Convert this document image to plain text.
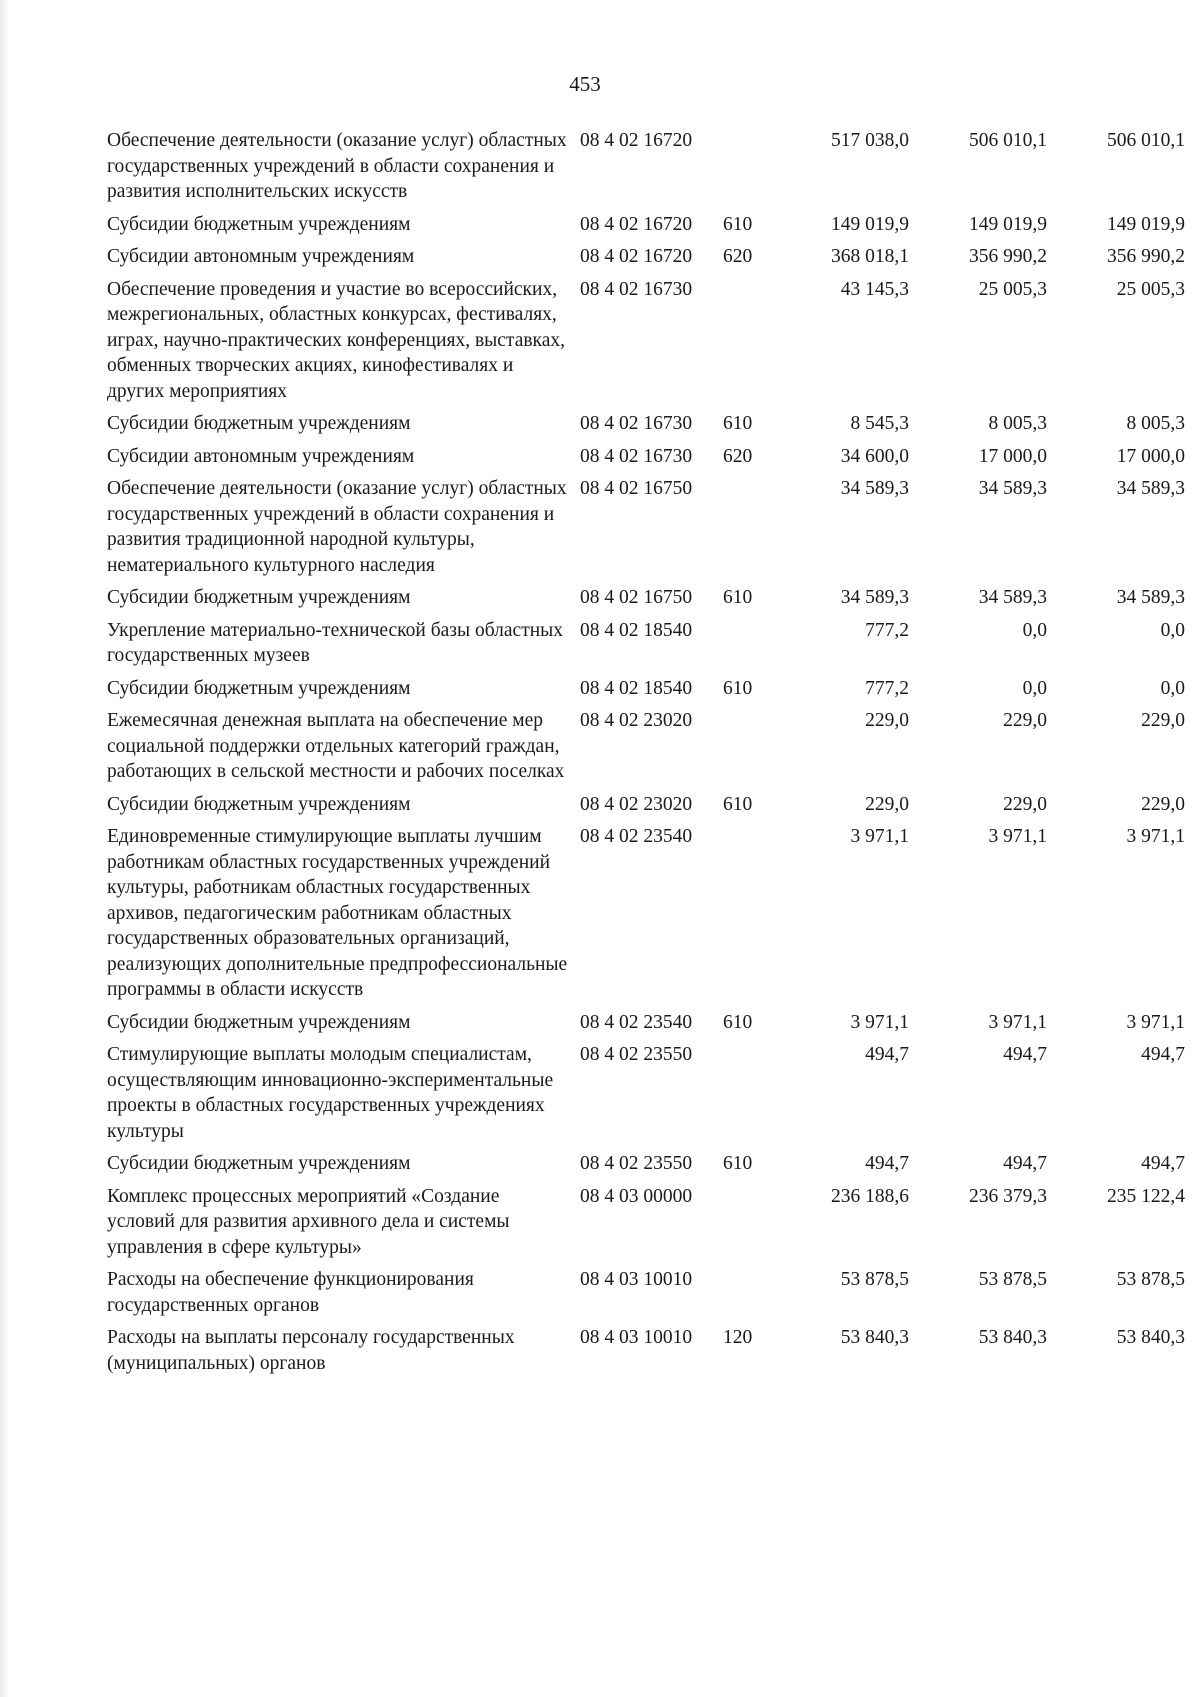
453
Обеспечение деятельности (оказание услуг) областных государственных учреждений в области сохранения и развития исполнительских искусств	08 4 02 16720		517 038,0	506 010,1	506 010,1
Субсидии бюджетным учреждениям	08 4 02 16720	610	149 019,9	149 019,9	149 019,9
Субсидии автономным учреждениям	08 4 02 16720	620	368 018,1	356 990,2	356 990,2
Обеспечение проведения и участие во всероссийских, межрегиональных, областных конкурсах, фестивалях, играх, научно-практических конференциях, выставках, обменных творческих акциях, кинофестивалях и других мероприятиях	08 4 02 16730		43 145,3	25 005,3	25 005,3
Субсидии бюджетным учреждениям	08 4 02 16730	610	8 545,3	8 005,3	8 005,3
Субсидии автономным учреждениям	08 4 02 16730	620	34 600,0	17 000,0	17 000,0
Обеспечение деятельности (оказание услуг) областных государственных учреждений в области сохранения и развития традиционной народной культуры, нематериального культурного наследия	08 4 02 16750		34 589,3	34 589,3	34 589,3
Субсидии бюджетным учреждениям	08 4 02 16750	610	34 589,3	34 589,3	34 589,3
Укрепление материально-технической базы областных государственных музеев	08 4 02 18540		777,2	0,0	0,0
Субсидии бюджетным учреждениям	08 4 02 18540	610	777,2	0,0	0,0
Ежемесячная денежная выплата на обеспечение мер социальной поддержки отдельных категорий граждан, работающих в сельской местности и рабочих поселках	08 4 02 23020		229,0	229,0	229,0
Субсидии бюджетным учреждениям	08 4 02 23020	610	229,0	229,0	229,0
Единовременные стимулирующие выплаты лучшим работникам областных государственных учреждений культуры, работникам областных государственных архивов, педагогическим работникам областных государственных образовательных организаций, реализующих дополнительные предпрофессиональные программы в области искусств	08 4 02 23540		3 971,1	3 971,1	3 971,1
Субсидии бюджетным учреждениям	08 4 02 23540	610	3 971,1	3 971,1	3 971,1
Стимулирующие выплаты молодым специалистам, осуществляющим инновационно-экспериментальные проекты в областных государственных учреждениях культуры	08 4 02 23550		494,7	494,7	494,7
Субсидии бюджетным учреждениям	08 4 02 23550	610	494,7	494,7	494,7
Комплекс процессных мероприятий «Создание условий для развития архивного дела и системы управления в сфере культуры»	08 4 03 00000		236 188,6	236 379,3	235 122,4
Расходы на обеспечение функционирования государственных органов	08 4 03 10010		53 878,5	53 878,5	53 878,5
Расходы на выплаты персоналу государственных (муниципальных) органов	08 4 03 10010	120	53 840,3	53 840,3	53 840,3
